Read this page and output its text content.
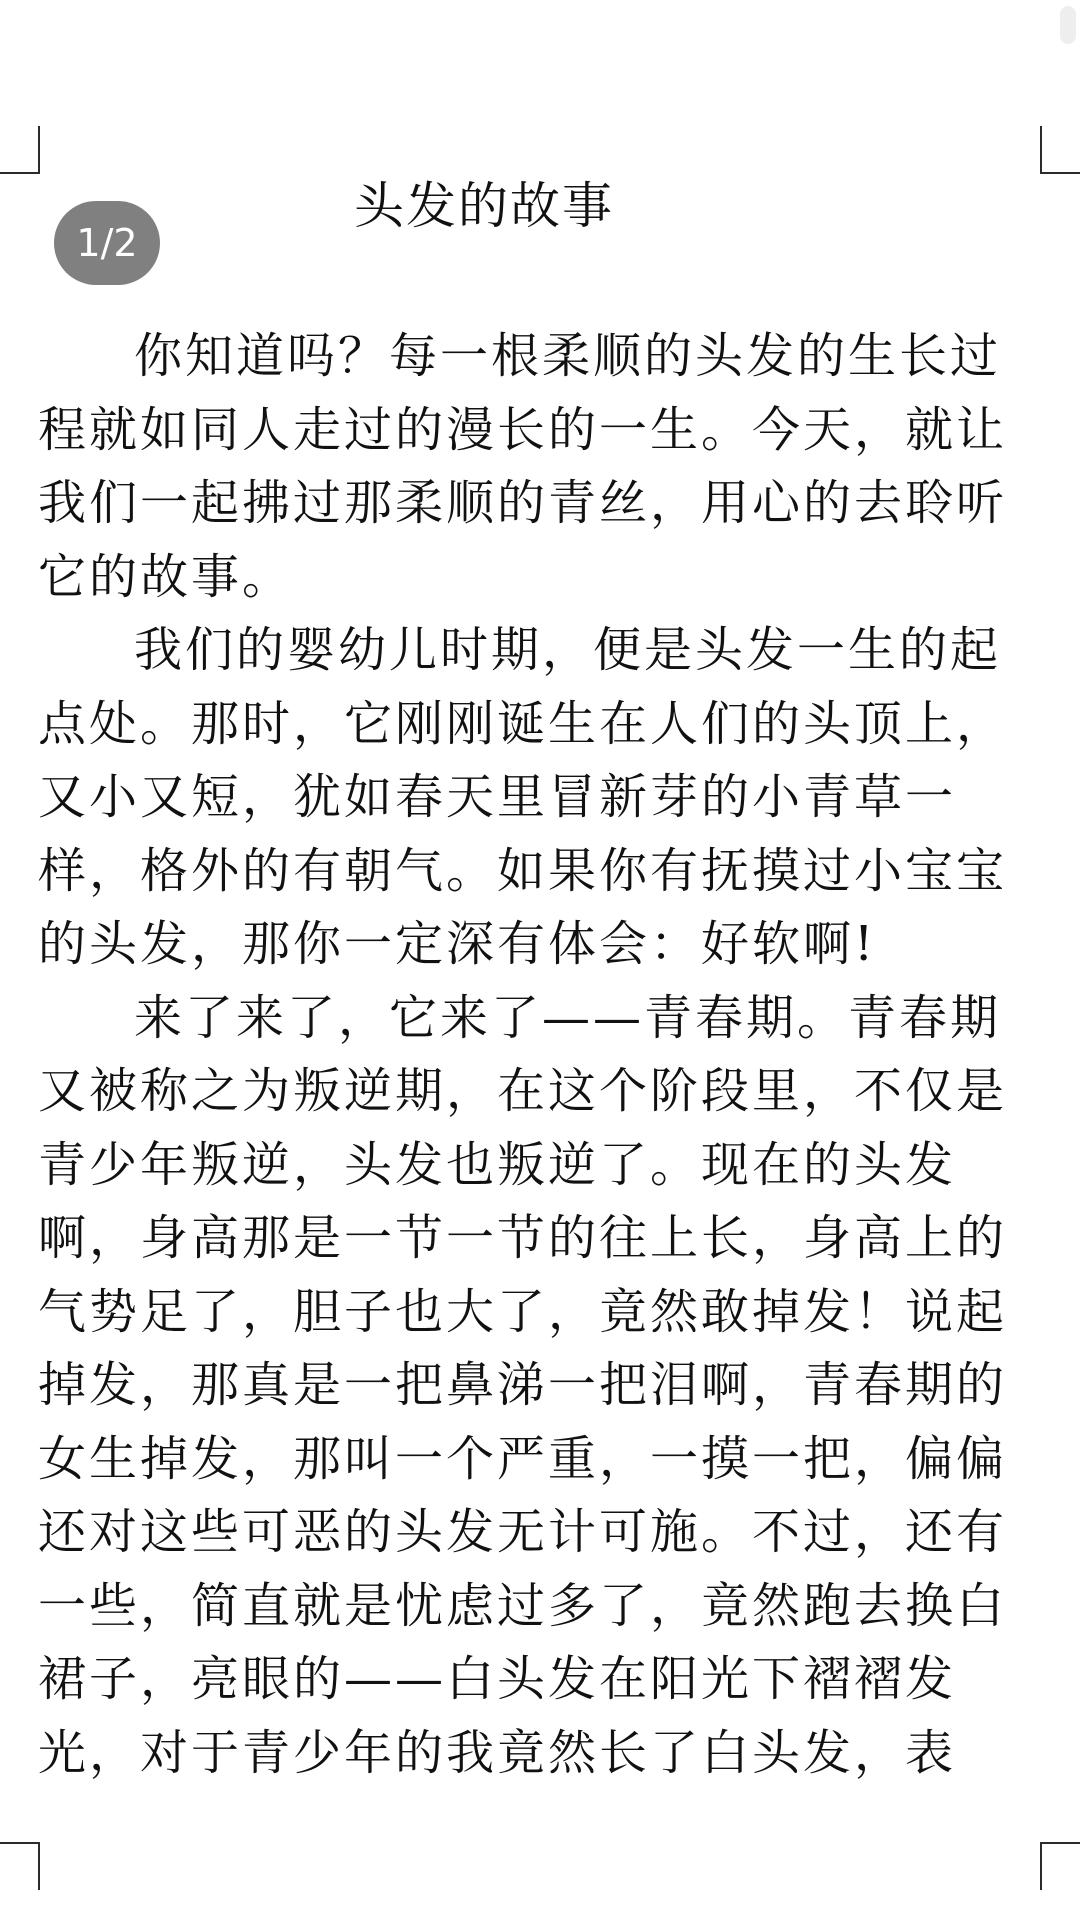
1/2
头发的故事

你知道吗？每一根柔顺的头发的生长过程就如同人走过的漫长的一生。今天，就让我们一起拂过那柔顺的青丝，用心的去聆听它的故事。

我们的婴幼儿时期，便是头发一生的起点处。那时，它刚刚诞生在人们的头顶上，又小又短，犹如春天里冒新芽的小青草一样，格外的有朝气。如果你有抚摸过小宝宝的头发，那你一定深有体会：好软啊!

来了来了，它来了——青春期。青春期又被称之为叛逆期，在这个阶段里，不仅是青少年叛逆，头发也叛逆了。现在的头发啊，身高那是一节一节的往上长，身高上的气势足了，胆子也大了，竟然敢掉发！说起掉发，那真是一把鼻涕一把泪啊，青春期的女生掉发，那叫一个严重，一摸一把，偏偏还对这些可恶的头发无计可施。不过，还有一些，简直就是忧虑过多了，竟然跑去换白裙子，亮眼的——白头发在阳光下褶褶发光，对于青少年的我竟然长了白头发，表
